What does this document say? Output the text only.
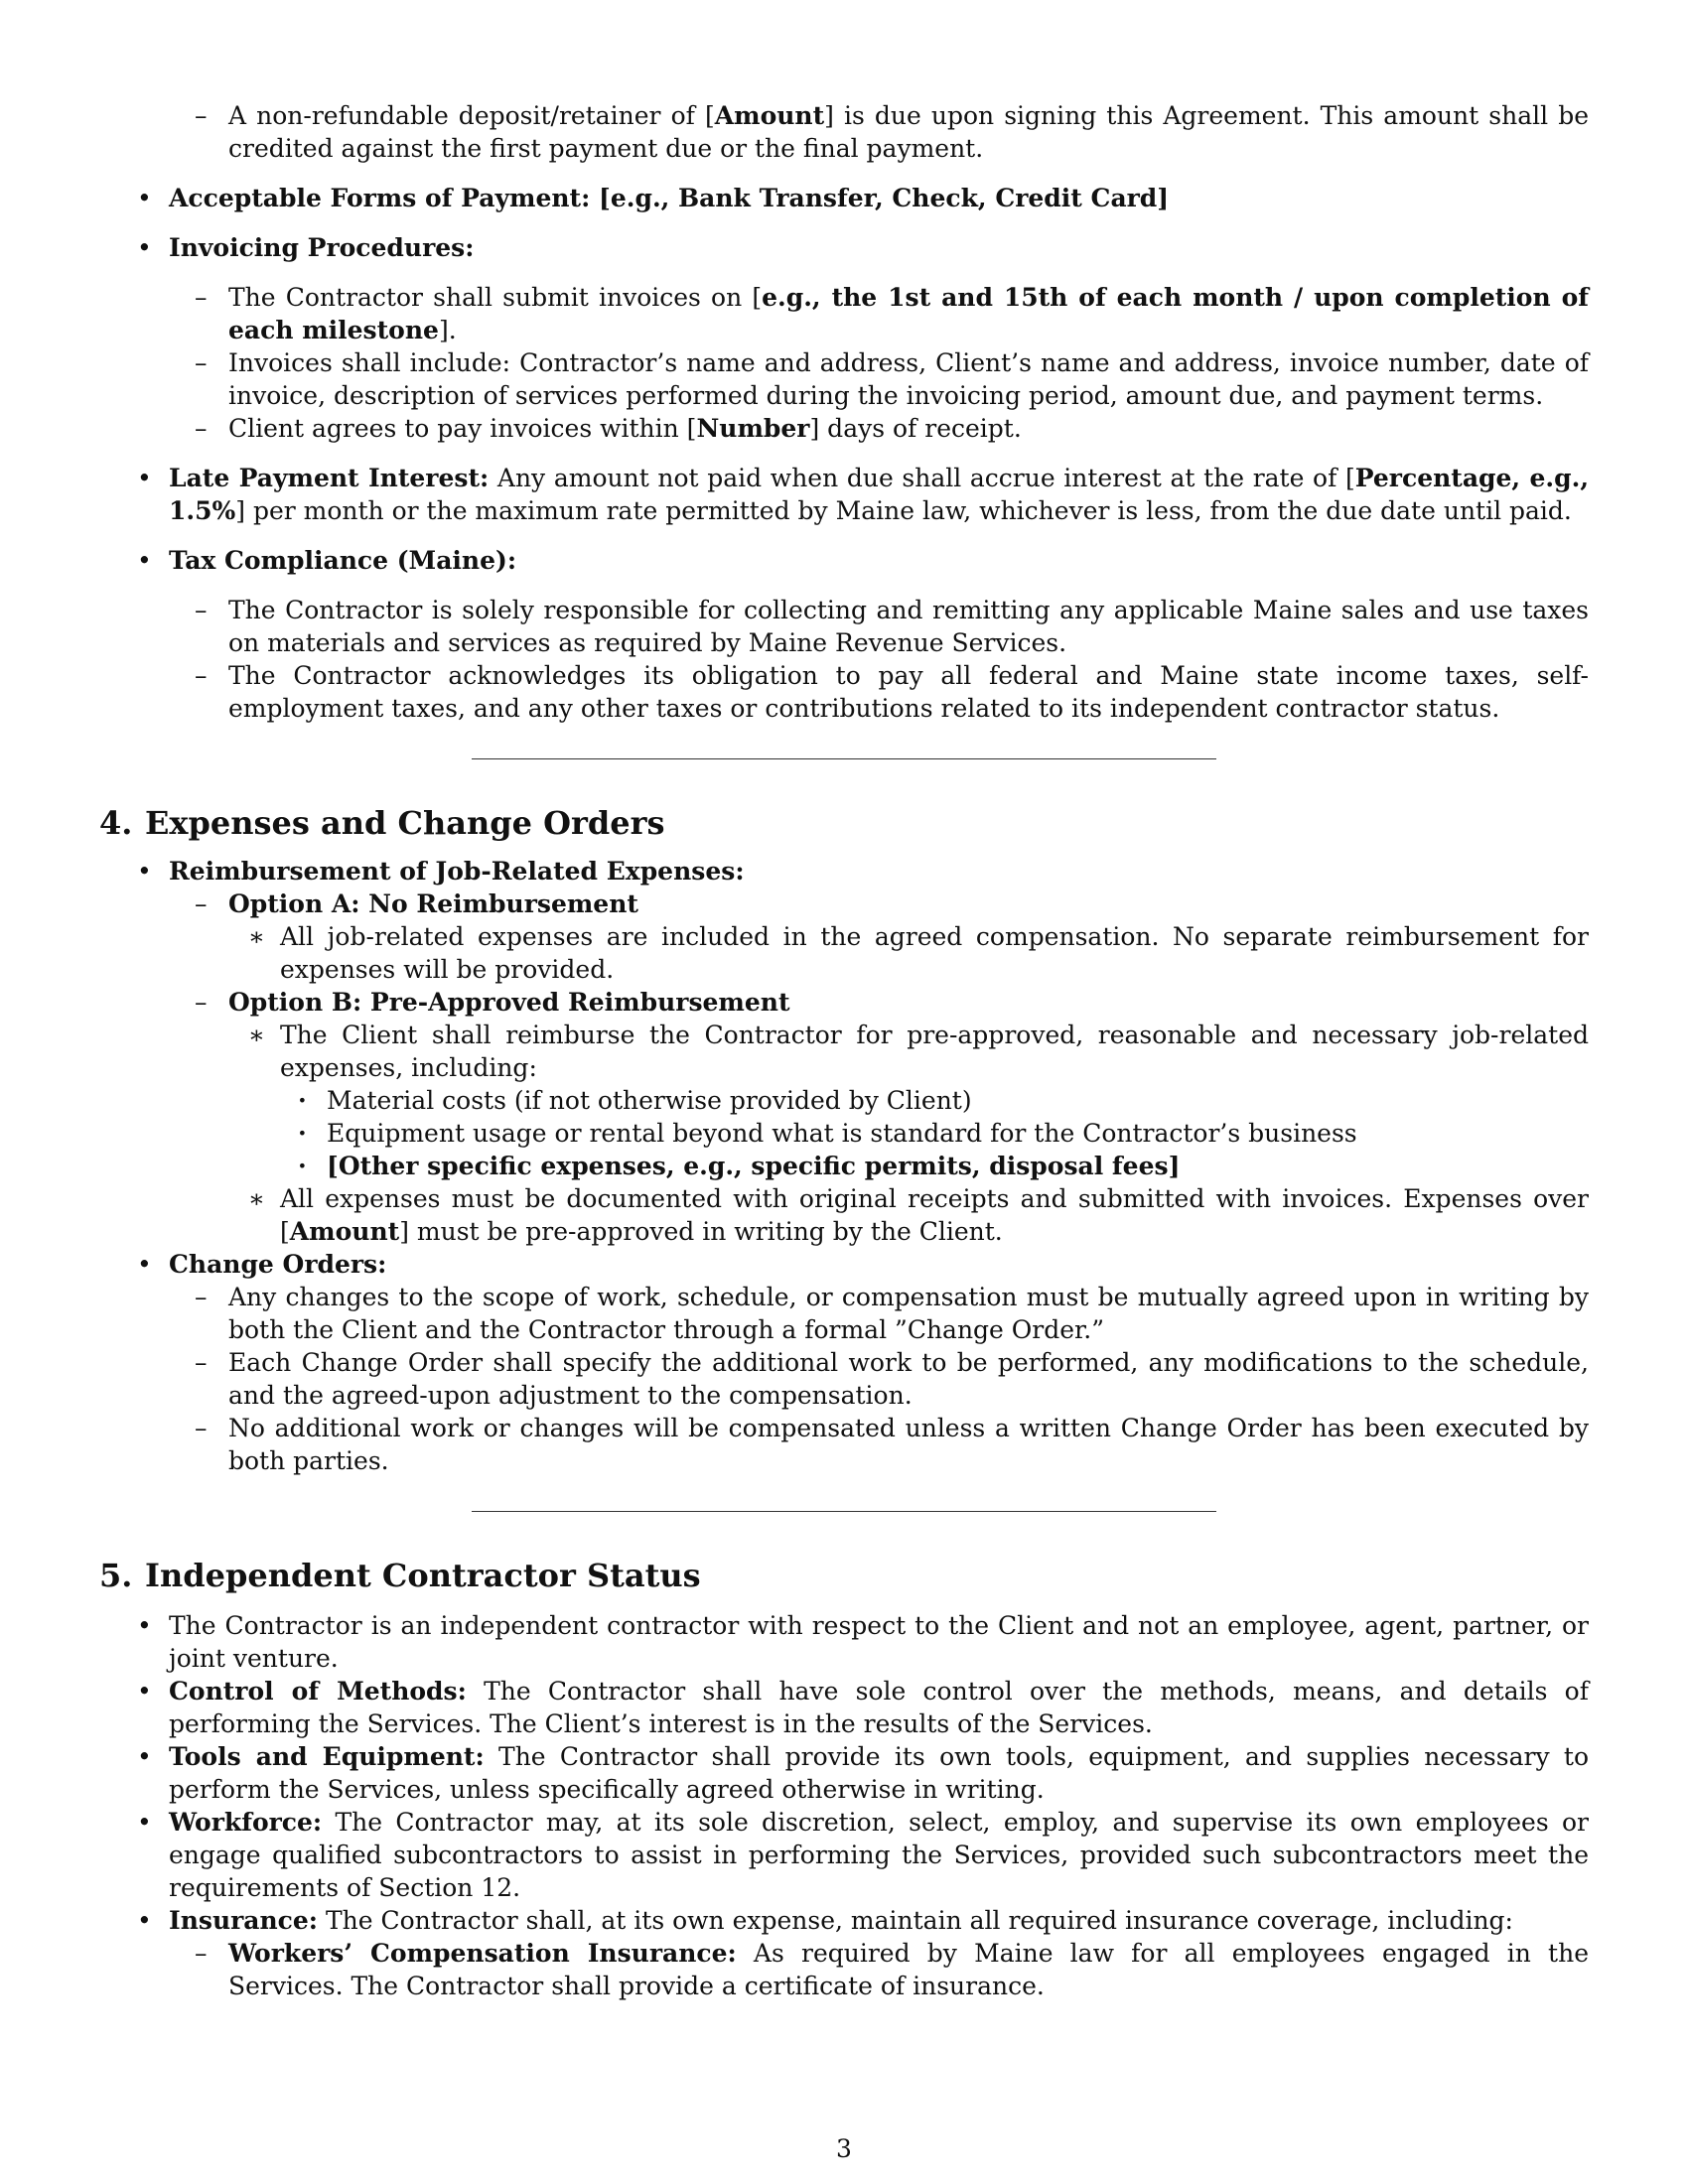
– A non-refundable deposit/retainer of [Amount] is due upon signing this Agreement. This amount shall be credited against the first payment due or the final payment.
• Acceptable Forms of Payment: [e.g., Bank Transfer, Check, Credit Card]
• Invoicing Procedures:
– The Contractor shall submit invoices on [e.g., the 1st and 15th of each month / upon completion of each milestone].
– Invoices shall include: Contractor’s name and address, Client’s name and address, invoice number, date of invoice, description of services performed during the invoicing period, amount due, and payment terms.
– Client agrees to pay invoices within [Number] days of receipt.
• Late Payment Interest: Any amount not paid when due shall accrue interest at the rate of [Percentage, e.g., 1.5%] per month or the maximum rate permitted by Maine law, whichever is less, from the due date until paid.
• Tax Compliance (Maine):
– The Contractor is solely responsible for collecting and remitting any applicable Maine sales and use taxes on materials and services as required by Maine Revenue Services.
– The Contractor acknowledges its obligation to pay all federal and Maine state income taxes, self-employment taxes, and any other taxes or contributions related to its independent contractor status.
4. Expenses and Change Orders
• Reimbursement of Job-Related Expenses:
– Option A: No Reimbursement
∗ All job-related expenses are included in the agreed compensation. No separate reimbursement for expenses will be provided.
– Option B: Pre-Approved Reimbursement
∗ The Client shall reimburse the Contractor for pre-approved, reasonable and necessary job-related expenses, including:
· Material costs (if not otherwise provided by Client)
· Equipment usage or rental beyond what is standard for the Contractor’s business
· [Other specific expenses, e.g., specific permits, disposal fees]
∗ All expenses must be documented with original receipts and submitted with invoices. Expenses over [Amount] must be pre-approved in writing by the Client.
• Change Orders:
– Any changes to the scope of work, schedule, or compensation must be mutually agreed upon in writing by both the Client and the Contractor through a formal ”Change Order.”
– Each Change Order shall specify the additional work to be performed, any modifications to the schedule, and the agreed-upon adjustment to the compensation.
– No additional work or changes will be compensated unless a written Change Order has been executed by both parties.
5. Independent Contractor Status
• The Contractor is an independent contractor with respect to the Client and not an employee, agent, partner, or joint venture.
• Control of Methods: The Contractor shall have sole control over the methods, means, and details of performing the Services. The Client’s interest is in the results of the Services.
• Tools and Equipment: The Contractor shall provide its own tools, equipment, and supplies necessary to perform the Services, unless specifically agreed otherwise in writing.
• Workforce: The Contractor may, at its sole discretion, select, employ, and supervise its own employees or engage qualified subcontractors to assist in performing the Services, provided such subcontractors meet the requirements of Section 12.
• Insurance: The Contractor shall, at its own expense, maintain all required insurance coverage, including:
– Workers’ Compensation Insurance: As required by Maine law for all employees engaged in the Services. The Contractor shall provide a certificate of insurance.
3
